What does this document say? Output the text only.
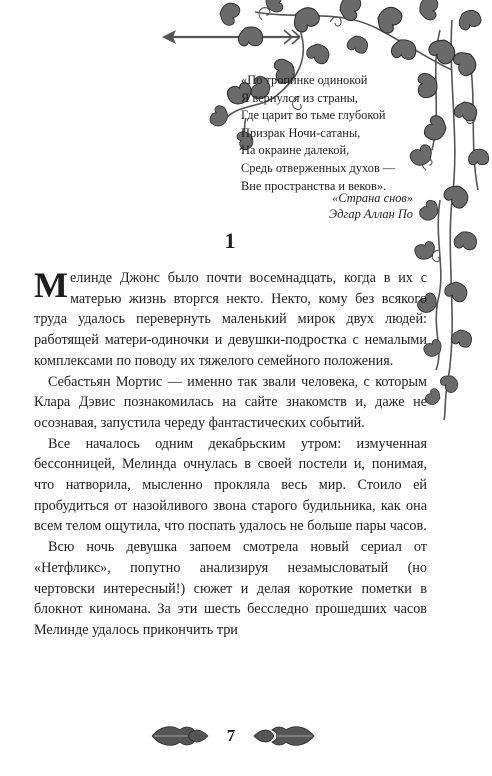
«По тропинке одинокой
Я вернулся из страны,
Где царит во тьме глубокой
Призрак Ночи-сатаны,
На окраине далекой,
Средь отверженных духов —
Вне пространства и веков».
«Страна снов»
Эдгар Аллан По
1

Мелинде Джонс было почти восемнадцать, когда в их с матерью жизнь вторгся некто. Некто, кому без всякого труда удалось перевернуть маленький мирок двух людей: работящей матери-одиночки и девушки-подростка с немалыми комплексами по поводу их тяжелого семейного положения.

Себастьян Мортис — именно так звали человека, с которым Клара Дэвис познакомилась на сайте знакомств и, даже не осознавая, запустила череду фантастических событий.

Все началось одним декабрьским утром: измученная бессонницей, Мелинда очнулась в своей постели и, понимая, что натворила, мысленно прокляла весь мир. Стоило ей пробудиться от назойливого звона старого будильника, как она всем телом ощутила, что поспать удалось не больше пары часов.

Всю ночь девушка запоем смотрела новый сериал от «Нетфликс», попутно анализируя незамысловатый (но чертовски интересный!) сюжет и делая короткие пометки в блокнот киномана. За эти шесть бесследно прошедших часов Мелинде удалось прикончить три

7
